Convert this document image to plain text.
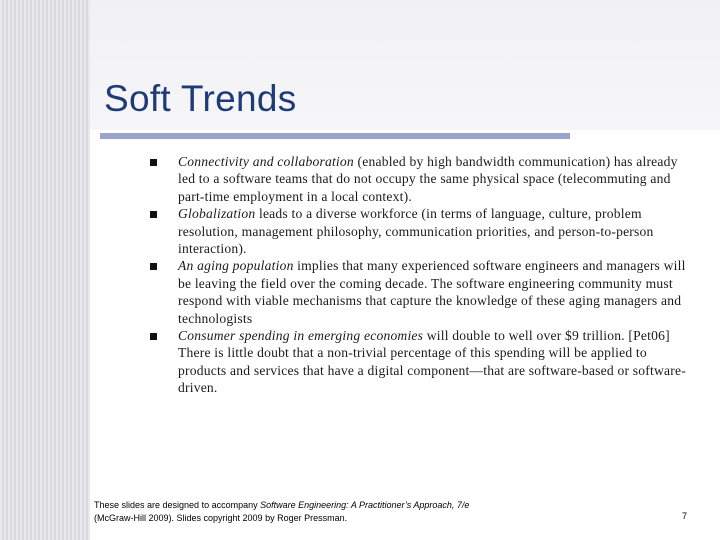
Soft Trends
Connectivity and collaboration (enabled by high bandwidth communication) has already led to a software teams that do not occupy the same physical space (telecommuting and part-time employment in a local context).
Globalization leads to a diverse workforce (in terms of language, culture, problem resolution, management philosophy, communication priorities, and person-to-person interaction).
An aging population implies that many experienced software engineers and managers will be leaving the field over the coming decade. The software engineering community must respond with viable mechanisms that capture the knowledge of these aging managers and technologists
Consumer spending in emerging economies will double to well over $9 trillion. [Pet06] There is little doubt that a non-trivial percentage of this spending will be applied to products and services that have a digital component—that are software-based or software-driven.
These slides are designed to accompany Software Engineering: A Practitioner’s Approach, 7/e
(McGraw-Hill 2009). Slides copyright 2009 by Roger Pressman.	7
